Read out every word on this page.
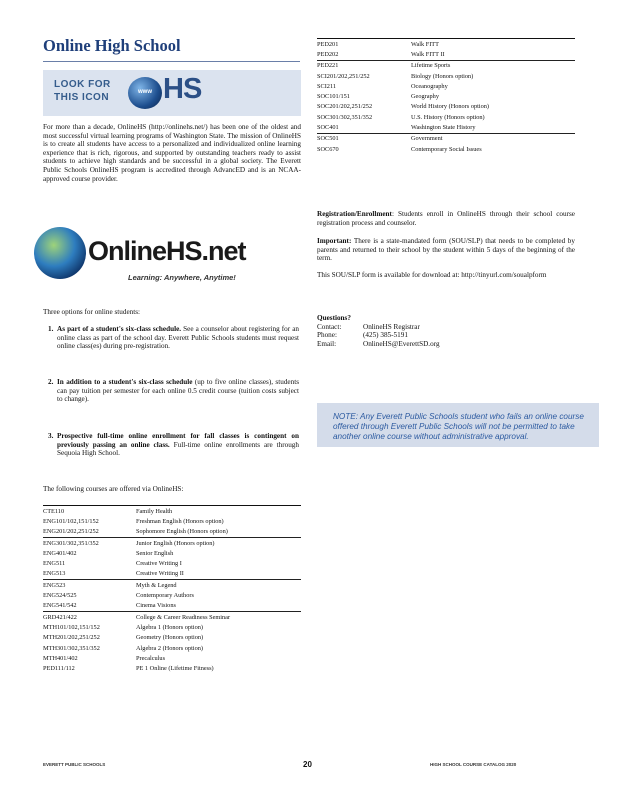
Online High School
LOOK FOR
THIS ICON	www HS
For more than a decade, OnlineHS (http://onlinehs.net/) has been one of the oldest and most successful virtual learning programs of Washington State. The mission of OnlineHS is to create all students have access to a personalized and individualized online learning experience that is rich, rigorous, and supported by outstanding teachers ready to assist students to achieve high standards and be successful in a global society. The Everett Public Schools OnlineHS program is accredited through AdvancED and is an NCAA-approved course provider.
OnlineHS.net
Learning: Anywhere, Anytime!
Three options for online students:
1. As part of a student's six-class schedule. See a counselor about registering for an online class as part of the school day. Everett Public Schools students must request online class(es) during pre-registration.
2. In addition to a student's six-class schedule (up to five online classes), students can pay tuition per semester for each online 0.5 credit course (tuition costs subject to change).
3. Prospective full-time online enrollment for fall classes is contingent on previously passing an online class. Full-time online enrollments are through Sequoia High School.
The following courses are offered via OnlineHS:
CTE110	Family Health
ENG101/102,151/152	Freshman English (Honors option)
ENG201/202,251/252	Sophomore English (Honors option)
ENG301/302,351/352	Junior English (Honors option)
ENG401/402	Senior English
ENG511	Creative Writing I
ENG513	Creative Writing II
ENG523	Myth & Legend
ENG524/525	Contemporary Authors
ENG541/542	Cinema Visions
GRD421/422	College & Career Readiness Seminar
MTH101/102,151/152	Algebra 1 (Honors option)
MTH201/202,251/252	Geometry (Honors option)
MTH301/302,351/352	Algebra 2 (Honors option)
MTH401/402	Precalculus
PED111/112	PE 1 Online (Lifetime Fitness)
PED201	Walk FITT
PED202	Walk FITT II
PED221	Lifetime Sports
SCI201/202,251/252	Biology (Honors option)
SCI211	Oceanography
SOC101/151	Geography
SOC201/202,251/252	World History (Honors option)
SOC301/302,351/352	U.S. History (Honors option)
SOC401	Washington State History
SOC501	Government
SOC670	Contemporary Social Issues
Registration/Enrollment: Students enroll in OnlineHS through their school course registration process and counselor.
Important: There is a state-mandated form (SOU/SLP) that needs to be completed by parents and returned to their school by the student within 5 days of the beginning of the term.
This SOU/SLP form is available for download at: http://tinyurl.com/soualpform
Questions?
Contact:	OnlineHS Registrar
Phone:	(425) 385-5191
Email:	OnlineHS@EverettSD.org
NOTE: Any Everett Public Schools student who fails an online course offered through Everett Public Schools will not be permitted to take another online course without administrative approval.
EVERETT PUBLIC SCHOOLS	20	HIGH SCHOOL COURSE CATALOG 2020
